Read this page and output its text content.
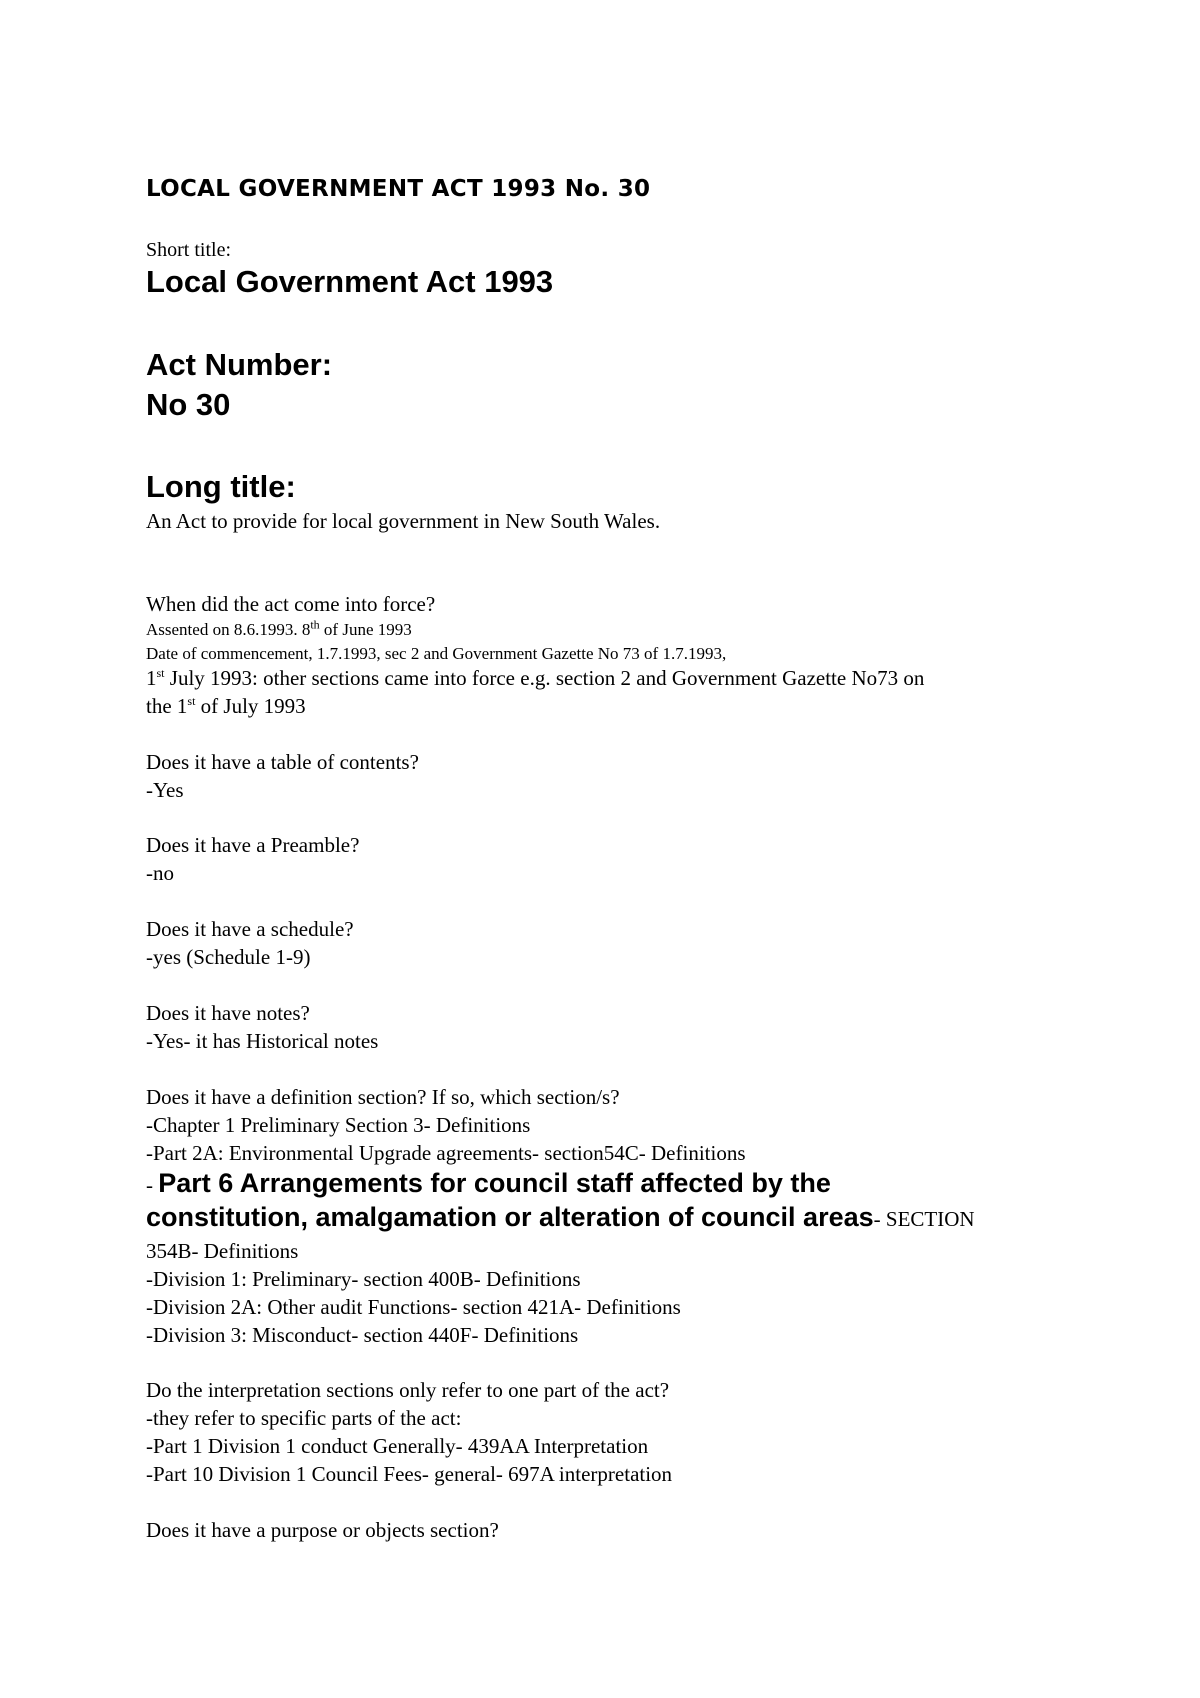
LOCAL GOVERNMENT ACT 1993 No. 30
Short title:
Local Government Act 1993
Act Number:
No 30
Long title:
An Act to provide for local government in New South Wales.
When did the act come into force?
Assented on 8.6.1993. 8th of June 1993
Date of commencement, 1.7.1993, sec 2 and Government Gazette No 73 of 1.7.1993,
1st July 1993: other sections came into force e.g. section 2 and Government Gazette No73 on
the 1st of July 1993
Does it have a table of contents?
-Yes
Does it have a Preamble?
-no
Does it have a schedule?
-yes (Schedule 1-9)
Does it have notes?
-Yes- it has Historical notes
Does it have a definition section? If so, which section/s?
-Chapter 1 Preliminary Section 3- Definitions
-Part 2A: Environmental Upgrade agreements- section54C- Definitions
- Part 6 Arrangements for council staff affected by the
constitution, amalgamation or alteration of council areas- SECTION
354B- Definitions
-Division 1: Preliminary- section 400B- Definitions
-Division 2A: Other audit Functions- section 421A- Definitions
-Division 3: Misconduct- section 440F- Definitions
Do the interpretation sections only refer to one part of the act?
-they refer to specific parts of the act:
-Part 1 Division 1 conduct Generally- 439AA Interpretation
-Part 10 Division 1 Council Fees- general- 697A interpretation
Does it have a purpose or objects section?
